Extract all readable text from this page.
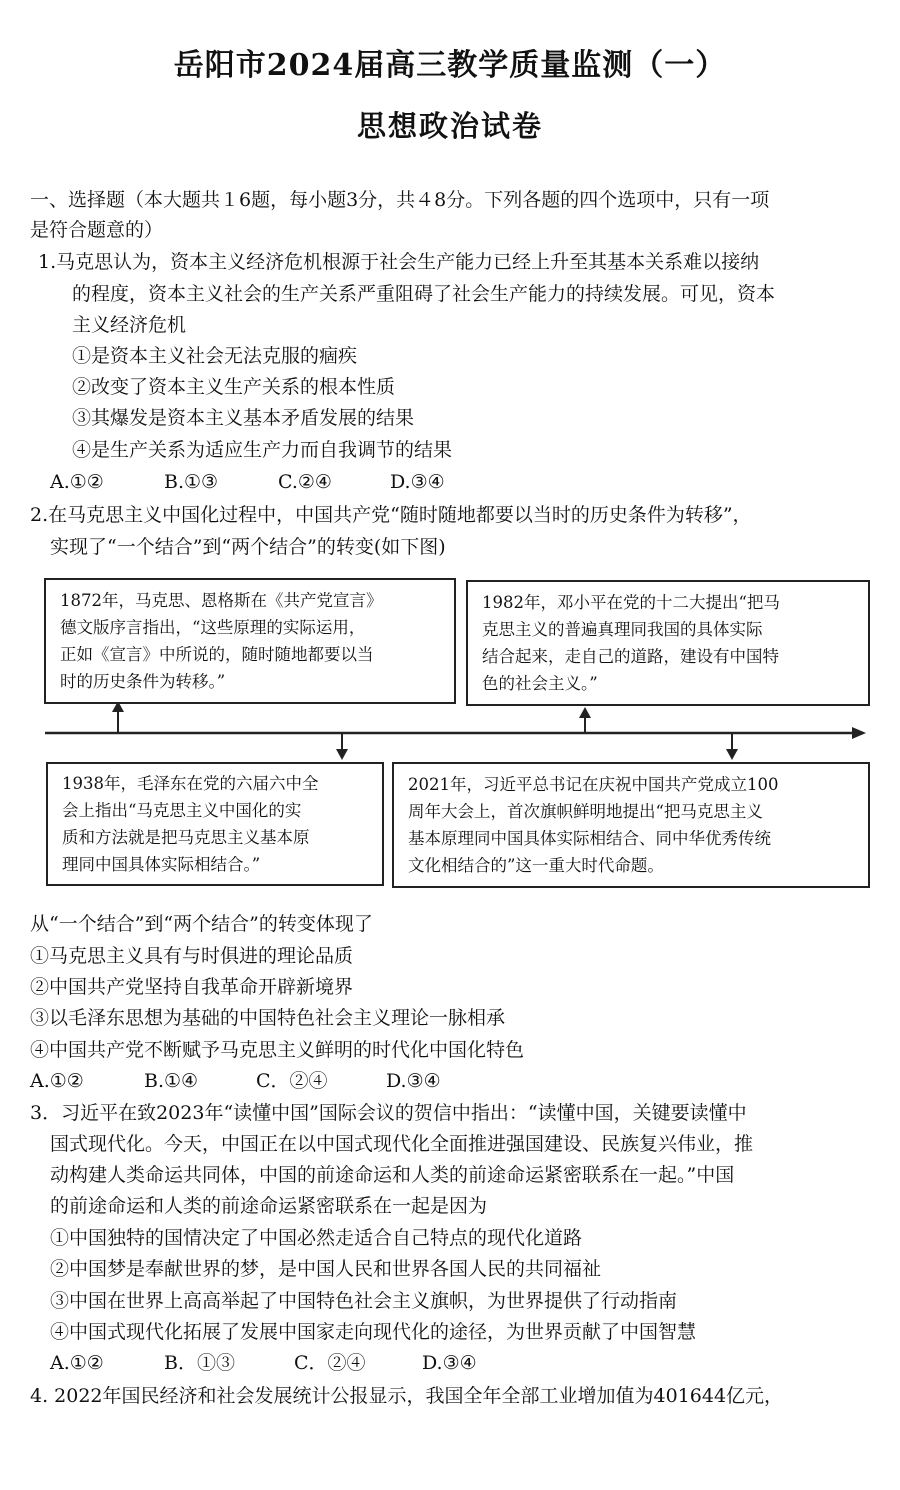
岳阳市2024届高三教学质量监测（一）
思想政治试卷
一、选择题（本大题共１6题，每小题3分，共４8分。下列各题的四个选项中，只有一项
是符合题意的）
1.马克思认为，资本主义经济危机根源于社会生产能力已经上升至其基本关系难以接纳
的程度，资本主义社会的生产关系严重阻碍了社会生产能力的持续发展。可见，资本
主义经济危机
①是资本主义社会无法克服的痼疾
②改变了资本主义生产关系的根本性质
③其爆发是资本主义基本矛盾发展的结果
④是生产关系为适应生产力而自我调节的结果
A.①②	B.①③	C.②④	D.③④
2.在马克思主义中国化过程中，中国共产党“随时随地都要以当时的历史条件为转移”，
实现了“一个结合”到“两个结合”的转变(如下图)
1872年，马克思、恩格斯在《共产党宣言》
德文版序言指出，“这些原理的实际运用，
正如《宣言》中所说的，随时随地都要以当
时的历史条件为转移。”
1982年，邓小平在党的十二大提出“把马
克思主义的普遍真理同我国的具体实际
结合起来，走自己的道路，建设有中国特
色的社会主义。”
1938年，毛泽东在党的六届六中全
会上指出“马克思主义中国化的实
质和方法就是把马克思主义基本原
理同中国具体实际相结合。”
2021年，习近平总书记在庆祝中国共产党成立100
周年大会上，首次旗帜鲜明地提出“把马克思主义
基本原理同中国具体实际相结合、同中华优秀传统
文化相结合的”这一重大时代命题。
从“一个结合”到“两个结合”的转变体现了
①马克思主义具有与时俱进的理论品质
②中国共产党坚持自我革命开辟新境界
③以毛泽东思想为基础的中国特色社会主义理论一脉相承
④中国共产党不断赋予马克思主义鲜明的时代化中国化特色
A.①②	B.①④	C．②④	D.③④
3．习近平在致2023年“读懂中国”国际会议的贺信中指出：“读懂中国，关键要读懂中
国式现代化。今天，中国正在以中国式现代化全面推进强国建设、民族复兴伟业，推
动构建人类命运共同体，中国的前途命运和人类的前途命运紧密联系在一起。”中国
的前途命运和人类的前途命运紧密联系在一起是因为
①中国独特的国情决定了中国必然走适合自己特点的现代化道路
②中国梦是奉献世界的梦，是中国人民和世界各国人民的共同福祉
③中国在世界上高高举起了中国特色社会主义旗帜，为世界提供了行动指南
④中国式现代化拓展了发展中国家走向现代化的途径，为世界贡献了中国智慧
A.①②	B．①③	C．②④	D.③④
4. 2022年国民经济和社会发展统计公报显示，我国全年全部工业增加值为401644亿元，
